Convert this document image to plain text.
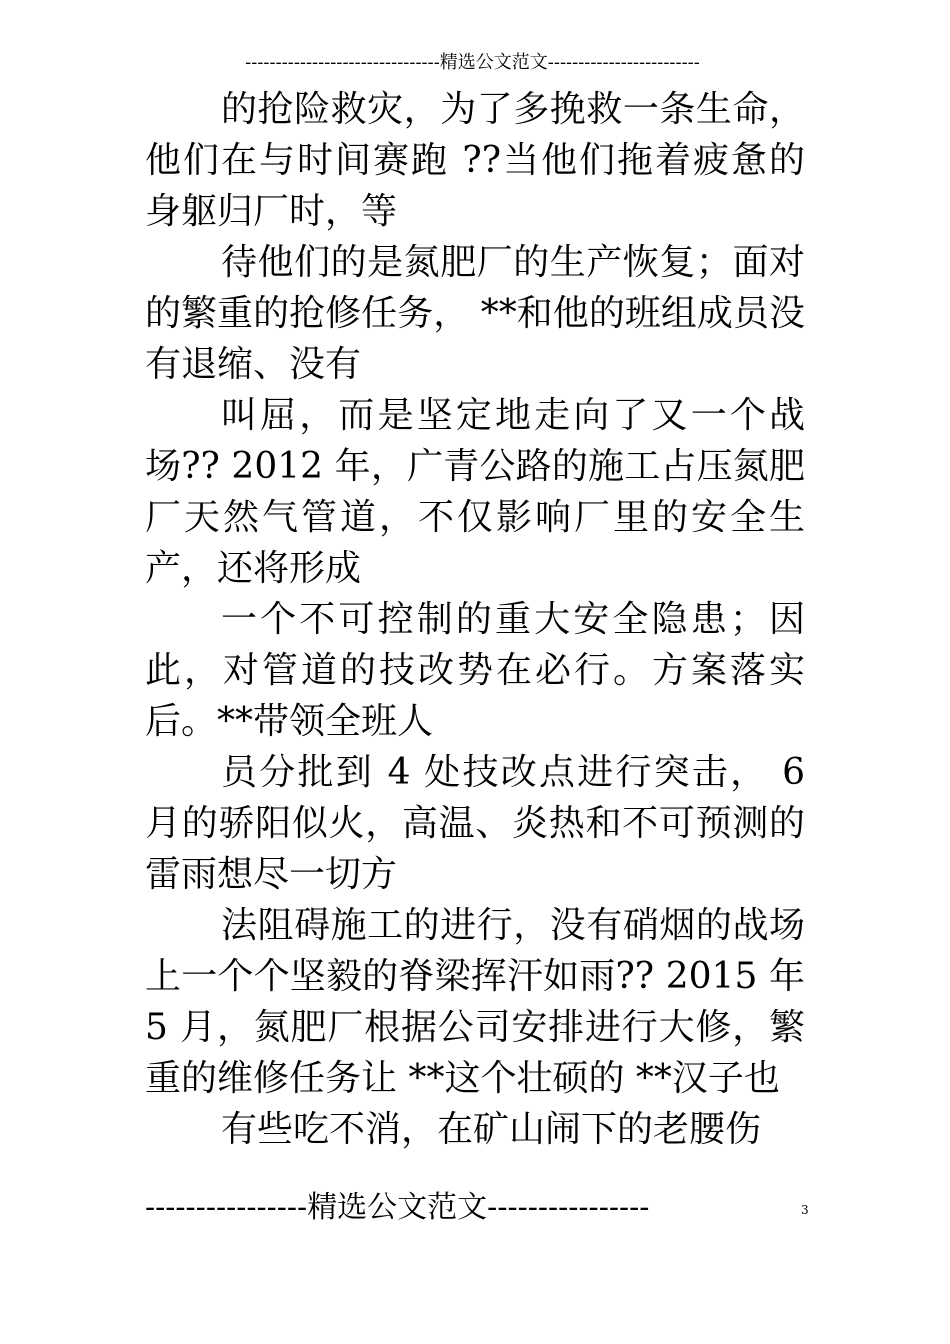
--------------------------------精选公文范文-------------------------

的抢险救灾，为了多挽救一条生命，他们在与时间赛跑 ??当他们拖着疲惫的身躯归厂时，等

待他们的是氮肥厂的生产恢复；面对的繁重的抢修任务， **和他的班组成员没有退缩、没有

叫屈，而是坚定地走向了又一个战场?? 2012 年，广青公路的施工占压氮肥厂天然气管道，不仅影响厂里的安全生产，还将形成

一个不可控制的重大安全隐患；因此，对管道的技改势在必行。方案落实后。**带领全班人

员分批到 4 处技改点进行突击， 6 月的骄阳似火，高温、炎热和不可预测的雷雨想尽一切方

法阻碍施工的进行，没有硝烟的战场上一个个坚毅的脊梁挥汗如雨?? 2015 年 5 月，氮肥厂根据公司安排进行大修，繁重的维修任务让 **这个壮硕的 **汉子也

有些吃不消，在矿山闹下的老腰伤

----------------精选公文范文----------------	3
